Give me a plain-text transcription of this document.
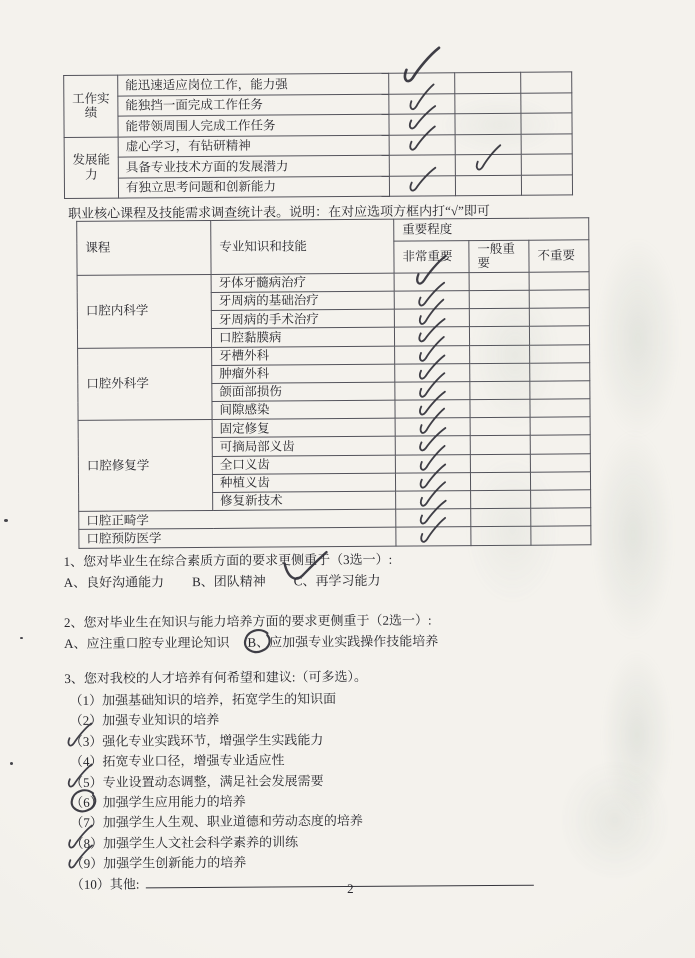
工作实绩	能迅速适应岗位工作，能力强	

	能独挡一面完成工作任务	

	能带领周围人完成工作任务	

发展能力	虚心学习，有钻研精神	

	具备专业技术方面的发展潜力		

	有独立思考问题和创新能力	

职业核心课程及技能需求调查统计表。说明：在对应选项方框内打“√”即可
课程	专业知识和技能	重要程度		
		非常重要	一般重要	不重要
口腔内科学	牙体牙髓病治疗	

	牙周病的基础治疗	

	牙周病的手术治疗	

	口腔黏膜病	

口腔外科学	牙槽外科	

	肿瘤外科	

	颌面部损伤	

	间隙感染	

口腔修复学	固定修复	

	可摘局部义齿	

	全口义齿	

	种植义齿	

	修复新技术	

口腔正畸学	

口腔预防医学	

1、您对毕业生在综合素质方面的要求更侧重于（3选一）:
A、良好沟通能力 B、团队精神 C、再学习能力
2、您对毕业生在知识与能力培养方面的要求更侧重于（2选一）:
A、应注重口腔专业理论知识 B、应加强专业实践操作技能培养
3、您对我校的人才培养有何希望和建议:（可多选）。
（1）加强基础知识的培养，拓宽学生的知识面
（2）加强专业知识的培养
（3）强化专业实践环节，增强学生实践能力
（4）拓宽专业口径，增强专业适应性
（5）专业设置动态调整，满足社会发展需要
（6）加强学生应用能力的培养
（7）加强学生人生观、职业道德和劳动态度的培养
（8）加强学生人文社会科学素养的训练
（9）加强学生创新能力的培养
（10）其他:	2
